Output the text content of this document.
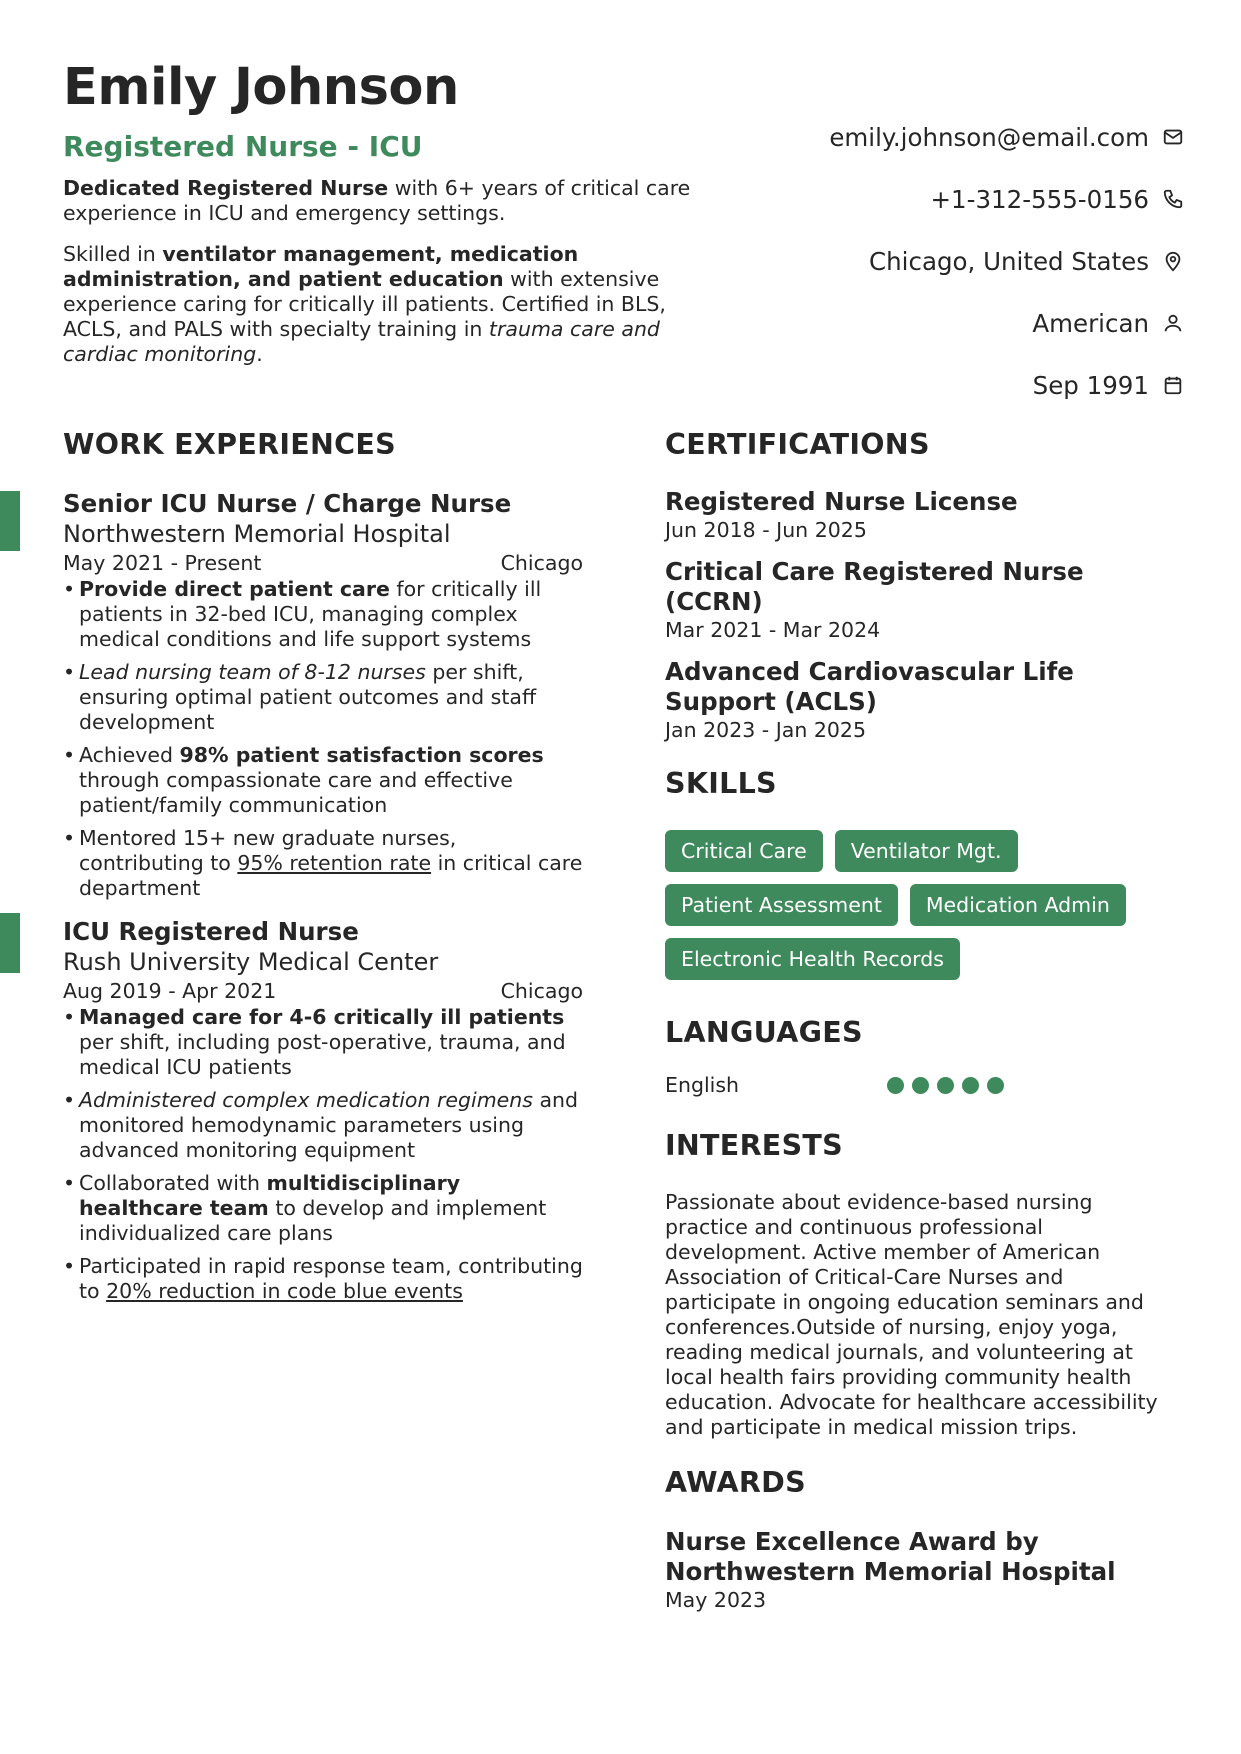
Emily Johnson
Registered Nurse - ICU

Dedicated Registered Nurse with 6+ years of critical care experience in ICU and emergency settings.

Skilled in ventilator management, medication administration, and patient education with extensive experience caring for critically ill patients. Certified in BLS, ACLS, and PALS with specialty training in trauma care and cardiac monitoring.

emily.johnson@email.com
+1-312-555-0156
Chicago, United States
American
Sep 1991
WORK EXPERIENCES
Senior ICU Nurse / Charge Nurse
Northwestern Memorial Hospital
May 2021 - Present	Chicago
• Provide direct patient care for critically ill patients in 32-bed ICU, managing complex medical conditions and life support systems
• Lead nursing team of 8-12 nurses per shift, ensuring optimal patient outcomes and staff development
• Achieved 98% patient satisfaction scores through compassionate care and effective patient/family communication
• Mentored 15+ new graduate nurses, contributing to 95% retention rate in critical care department
ICU Registered Nurse
Rush University Medical Center
Aug 2019 - Apr 2021	Chicago
• Managed care for 4-6 critically ill patients per shift, including post-operative, trauma, and medical ICU patients
• Administered complex medication regimens and monitored hemodynamic parameters using advanced monitoring equipment
• Collaborated with multidisciplinary healthcare team to develop and implement individualized care plans
• Participated in rapid response team, contributing to 20% reduction in code blue events
CERTIFICATIONS
Registered Nurse License
Jun 2018 - Jun 2025
Critical Care Registered Nurse (CCRN)
Mar 2021 - Mar 2024
Advanced Cardiovascular Life Support (ACLS)
Jan 2023 - Jan 2025
SKILLS
Critical Care	Ventilator Mgt.
Patient Assessment	Medication Admin
Electronic Health Records
LANGUAGES
English
INTERESTS

Passionate about evidence-based nursing practice and continuous professional development. Active member of American Association of Critical-Care Nurses and participate in ongoing education seminars and conferences.Outside of nursing, enjoy yoga, reading medical journals, and volunteering at local health fairs providing community health education. Advocate for healthcare accessibility and participate in medical mission trips.

AWARDS
Nurse Excellence Award by Northwestern Memorial Hospital
May 2023
